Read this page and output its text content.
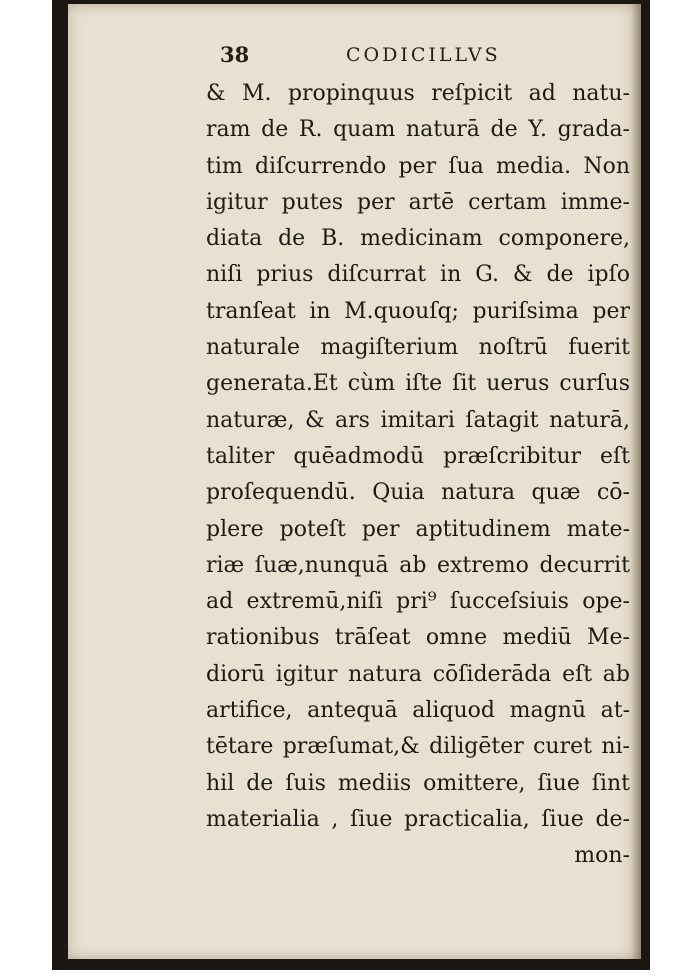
38	CODICILLVS
& M. propinquus reſpicit ad natu-
ram de R. quam naturā de Y. grada-
tim diſcurrendo per ſua media. Non
igitur putes per artē certam imme-
diata de B. medicinam componere,
niſi prius diſcurrat in G. & de ipſo
tranſeat in M.quouſq; puriſsima per
naturale magiſterium noſtrū fuerit
generata.Et cùm iſte ſit uerus curſus
naturæ, & ars imitari ſatagit naturā,
taliter quēadmodū præſcribitur eſt
proſequendū. Quia natura quæ cō-
plere poteſt per aptitudinem mate-
riæ ſuæ,nunquā ab extremo decurrit
ad extremū,niſi pri⁹ ſucceſsiuis ope-
rationibus trāſeat omne mediū Me-
diorū igitur natura cōſiderāda eſt ab
artifice, antequā aliquod magnū at-
tētare præſumat,& diligēter curet ni-
hil de ſuis mediis omittere, ſiue ſint
materialia , ſiue practicalia, ſiue de-
mon-
